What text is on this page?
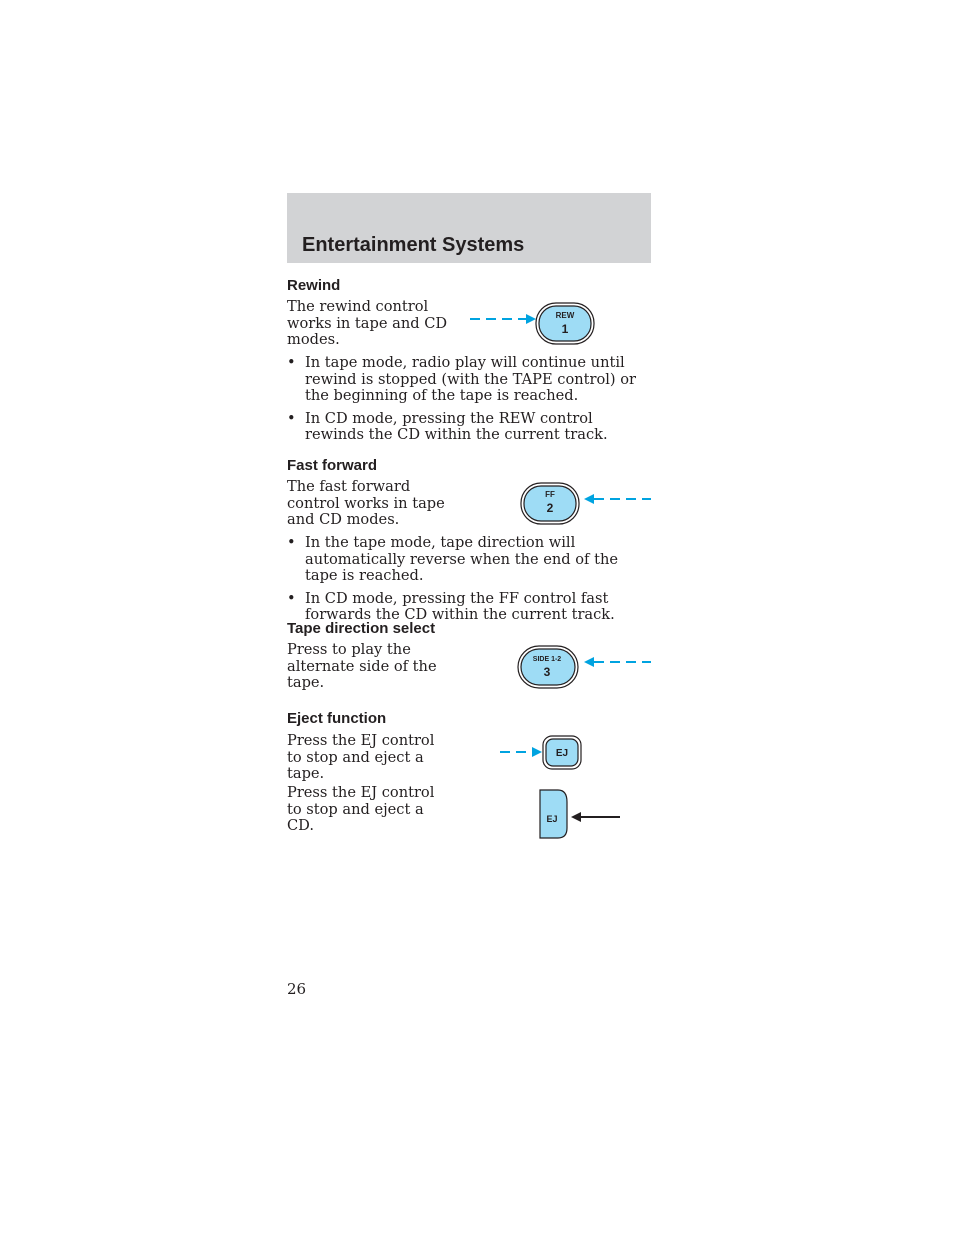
Entertainment Systems
Rewind

The rewind control works in tape and CD modes.

REW
1
• In tape mode, radio play will continue until rewind is stopped (with the TAPE control) or the beginning of the tape is reached.
• In CD mode, pressing the REW control rewinds the CD within the current track.
Fast forward

The fast forward control works in tape and CD modes.

FF
2
• In the tape mode, tape direction will automatically reverse when the end of the tape is reached.
• In CD mode, pressing the FF control fast forwards the CD within the current track.
Tape direction select

Press to play the alternate side of the tape.

SIDE 1-2
3
Eject function

Press the EJ control to stop and eject a tape.

EJ

Press the EJ control to stop and eject a CD.	EJ

26
